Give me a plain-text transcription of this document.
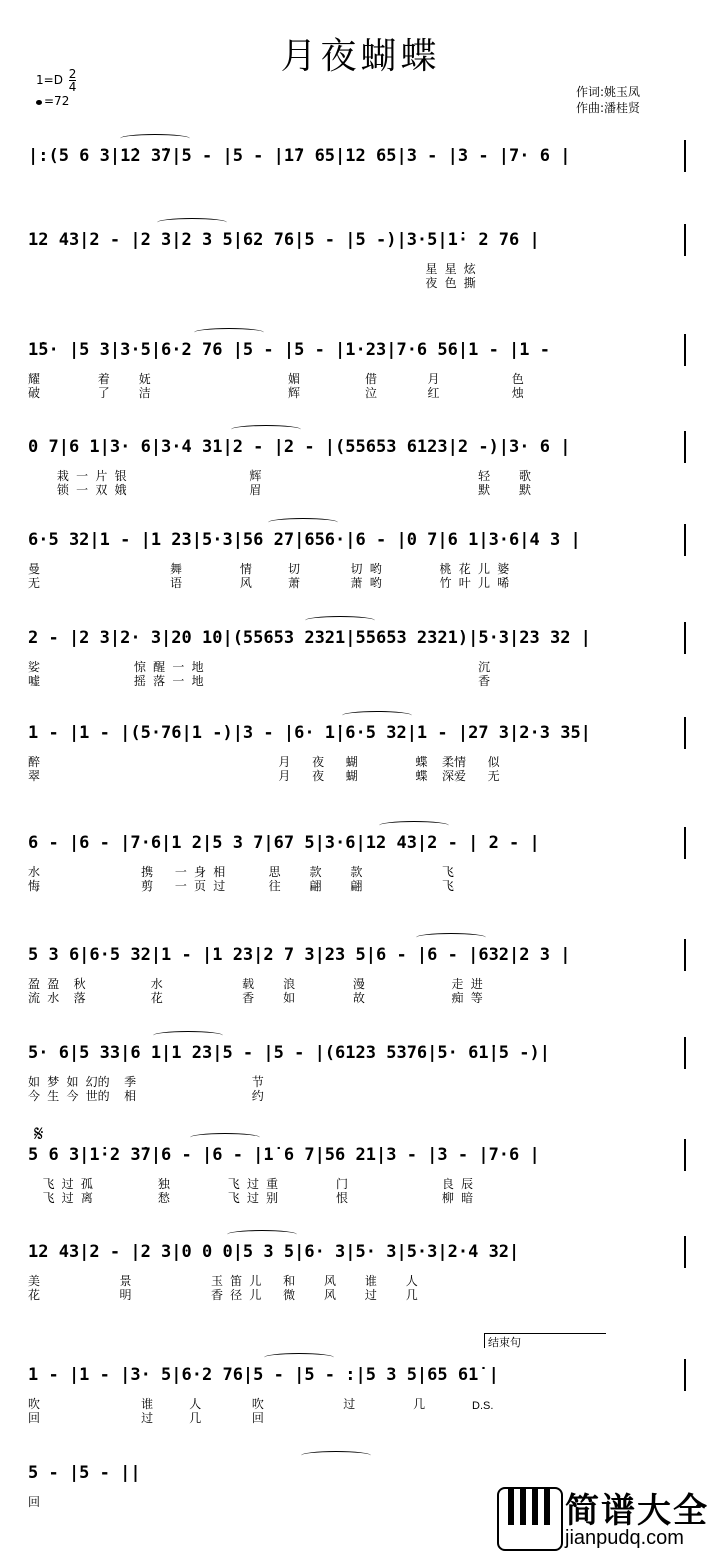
月夜蝴蝶
$1=D \frac{2}{4}$
=72
作词:姚玉凤
作曲:潘桂贤
|:(5 6 3|1̇2 3̇7|5 - |5 - |1̇7 65|12 65|3 - |3 - |7· 6 |
12 43|2 - |2 3|2 3 5|62 76|5 - |5 -)|3·5|1̇· 2 76 |
星 星 炫
夜 色 撕
1̇5· |5 3|3·5|6·2 76 |5 - |5 - |1·23|7·6 56|1 - |1 -
耀        着    妩                   媚         借       月          色
破        了    洁                   辉         泣       红          烛
0 7|6 1|3· 6|3·4 31|2 - |2 - |(55653 6123|2 -)|3· 6 |
栽 一 片 银                 辉                              轻    歌
锁 一 双 娥                 眉                              默    默
6·5 32|1 - |1 23|5·3|56 27|656·|6 - |0 7|6 1|3·6|4 3 |
曼                  舞        情     切       切 哟        桃 花 儿 婆
无                  语        风     萧       萧 哟        竹 叶 儿 唏
2 - |2 3|2· 3|20 10|(55653 2321|55653 2321)|5·3|23 32 |
娑             惊 醒 一 地                                      沉
嘘             摇 落 一 地                                      香
1 - |1 - |(5·76|1 -)|3 - |6· 1̇|6·5 32|1 - |27 3|2·3 35|
醉                                 月   夜   蝴        蝶  柔情   似
翠                                 月   夜   蝴        蝶  深爱   无
6 - |6 - |7·6|1 2|5 3 7|67 5|3·6|12 43|2 - | 2 - |
水              携   一 身 相      思    款    款           飞
悔              剪   一 页 过      往    翩    翩           飞
5 3 6|6·5 32|1 - |1 23|2 7 3|23 5|6 - |6 - |632|2 3 |
盈 盈  秋         水           载    浪        漫            走 进
流 水  落         花           香    如        故            痴 等
5· 6|5 33|6 1|1 23|5 - |5 - |(6123 5376|5· 61̇|5 -)|
如 梦 如 幻的  季                节
今 生 今 世的  相                约
5 6 3|1̇·2 3̇7|6 - |6 - |1̇ 6 7|56 21|3 - |3 - |7·6 |
飞 过 孤         独        飞 过 重        门             良 辰
飞 过 离         愁        飞 过 别        恨             柳 暗
12 43|2 - |2 3|0 0 0|5 3 5|6· 3|5· 3|5·3|2·4 32|
美           景           玉 笛 儿   和    风    谁    人
花           明           香 径 儿   微    风    过    几
1 - |1 - |3· 5|6·2 76|5 - |5 - :|5 3 5|65 61̇ |
吹              谁     人       吹           过        几
回              过     几       回
5 - |5 - ||
回
𝄋
结束句
D.S.
简谱大全
jianpudq.com
